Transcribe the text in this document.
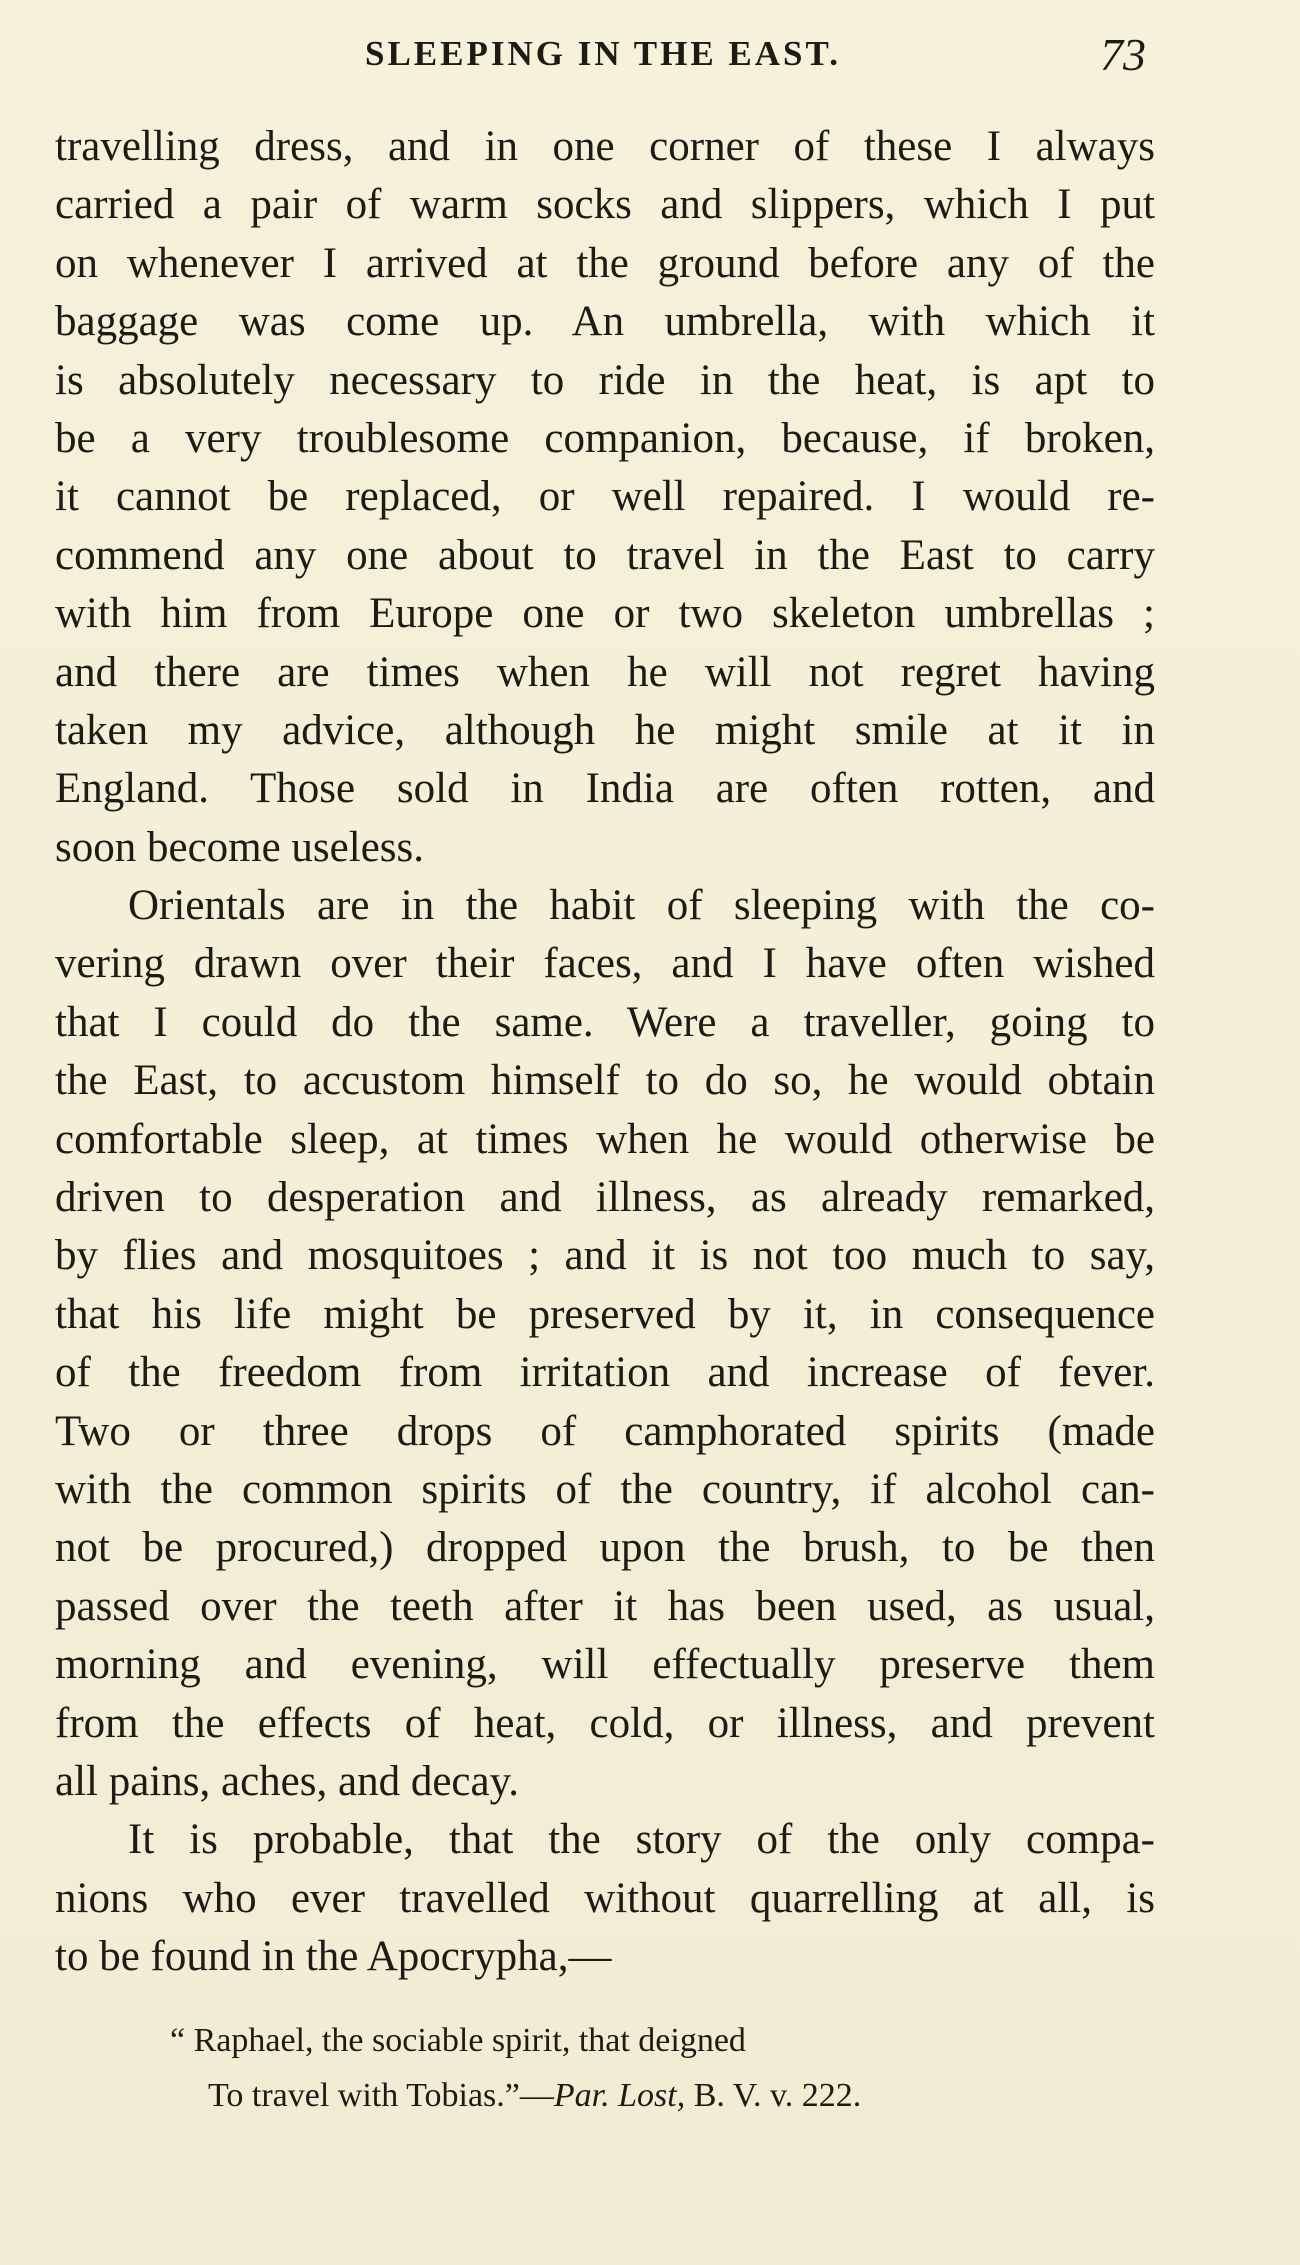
SLEEPING IN THE EAST.	73
travelling dress, and in one corner of these I always
carried a pair of warm socks and slippers, which I put
on whenever I arrived at the ground before any of the
baggage was come up. An umbrella, with which it
is absolutely necessary to ride in the heat, is apt to
be a very troublesome companion, because, if broken,
it cannot be replaced, or well repaired. I would re-
commend any one about to travel in the East to carry
with him from Europe one or two skeleton umbrellas ;
and there are times when he will not regret having
taken my advice, although he might smile at it in
England. Those sold in India are often rotten, and
soon become useless.
Orientals are in the habit of sleeping with the co-
vering drawn over their faces, and I have often wished
that I could do the same. Were a traveller, going to
the East, to accustom himself to do so, he would obtain
comfortable sleep, at times when he would otherwise be
driven to desperation and illness, as already remarked,
by flies and mosquitoes ; and it is not too much to say,
that his life might be preserved by it, in consequence
of the freedom from irritation and increase of fever.
Two or three drops of camphorated spirits (made
with the common spirits of the country, if alcohol can-
not be procured,) dropped upon the brush, to be then
passed over the teeth after it has been used, as usual,
morning and evening, will effectually preserve them
from the effects of heat, cold, or illness, and prevent
all pains, aches, and decay.
It is probable, that the story of the only compa-
nions who ever travelled without quarrelling at all, is
to be found in the Apocrypha,—
“ Raphael, the sociable spirit, that deigned
To travel with Tobias.”—Par. Lost, B. V. v. 222.
